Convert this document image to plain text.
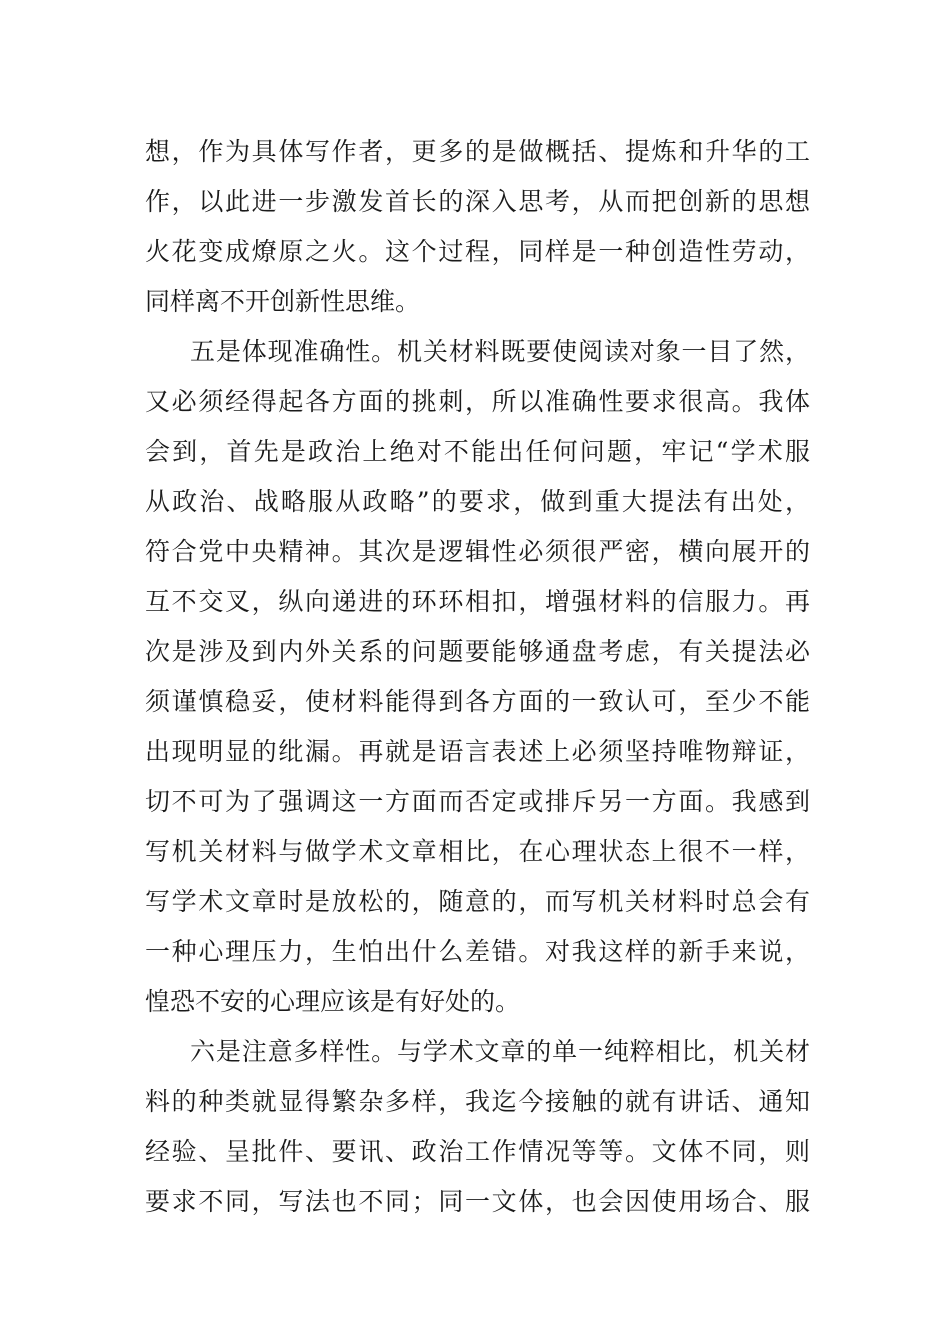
想，作为具体写作者，更多的是做概括、提炼和升华的工
作，以此进一步激发首长的深入思考，从而把创新的思想
火花变成燎原之火。这个过程，同样是一种创造性劳动，
同样离不开创新性思维。
五是体现准确性。机关材料既要使阅读对象一目了然，
又必须经得起各方面的挑刺，所以准确性要求很高。我体
会到，首先是政治上绝对不能出任何问题，牢记“学术服
从政治、战略服从政略”的要求，做到重大提法有出处，
符合党中央精神。其次是逻辑性必须很严密，横向展开的
互不交叉，纵向递进的环环相扣，增强材料的信服力。再
次是涉及到内外关系的问题要能够通盘考虑，有关提法必
须谨慎稳妥，使材料能得到各方面的一致认可，至少不能
出现明显的纰漏。再就是语言表述上必须坚持唯物辩证，
切不可为了强调这一方面而否定或排斥另一方面。我感到
写机关材料与做学术文章相比，在心理状态上很不一样，
写学术文章时是放松的，随意的，而写机关材料时总会有
一种心理压力，生怕出什么差错。对我这样的新手来说，
惶恐不安的心理应该是有好处的。
六是注意多样性。与学术文章的单一纯粹相比，机关材
料的种类就显得繁杂多样，我迄今接触的就有讲话、通知
经验、呈批件、要讯、政治工作情况等等。文体不同，则
要求不同，写法也不同；同一文体，也会因使用场合、服
